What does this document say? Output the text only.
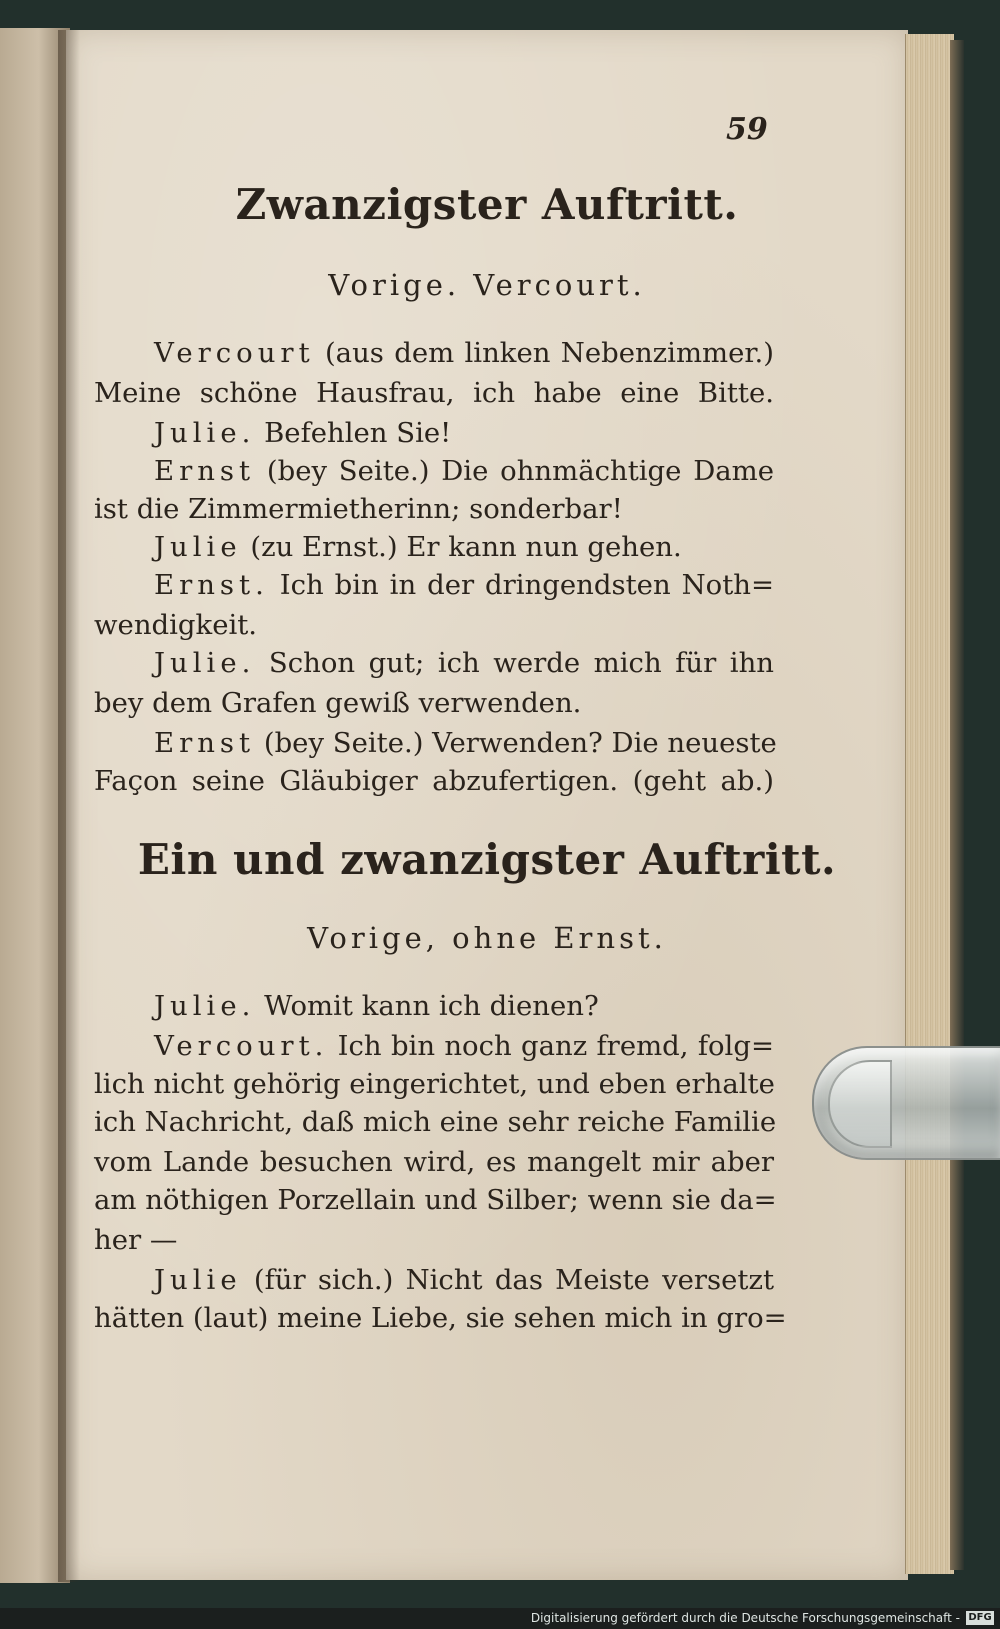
59
Zwanzigster Auftritt.
Vorige. Vercourt.
Vercourt (aus dem linken Nebenzimmer.)
Meine schöne Hausfrau, ich habe eine Bitte.
Julie. Befehlen Sie!
Ernst (bey Seite.) Die ohnmächtige Dame
ist die Zimmermietherinn; sonderbar!
Julie (zu Ernst.) Er kann nun gehen.
Ernst. Ich bin in der dringendsten Noth=
wendigkeit.
Julie. Schon gut; ich werde mich für ihn
bey dem Grafen gewiß verwenden.
Ernst (bey Seite.) Verwenden? Die neueste
Façon seine Gläubiger abzufertigen. (geht ab.)
Ein und zwanzigster Auftritt.
Vorige, ohne Ernst.
Julie. Womit kann ich dienen?
Vercourt. Ich bin noch ganz fremd, folg=
lich nicht gehörig eingerichtet, und eben erhalte
ich Nachricht, daß mich eine sehr reiche Familie
vom Lande besuchen wird, es mangelt mir aber
am nöthigen Porzellain und Silber; wenn sie da=
her —
Julie (für sich.) Nicht das Meiste versetzt
hätten (laut) meine Liebe, sie sehen mich in gro=
Digitalisierung gefördert durch die Deutsche Forschungsgemeinschaft - DFG
